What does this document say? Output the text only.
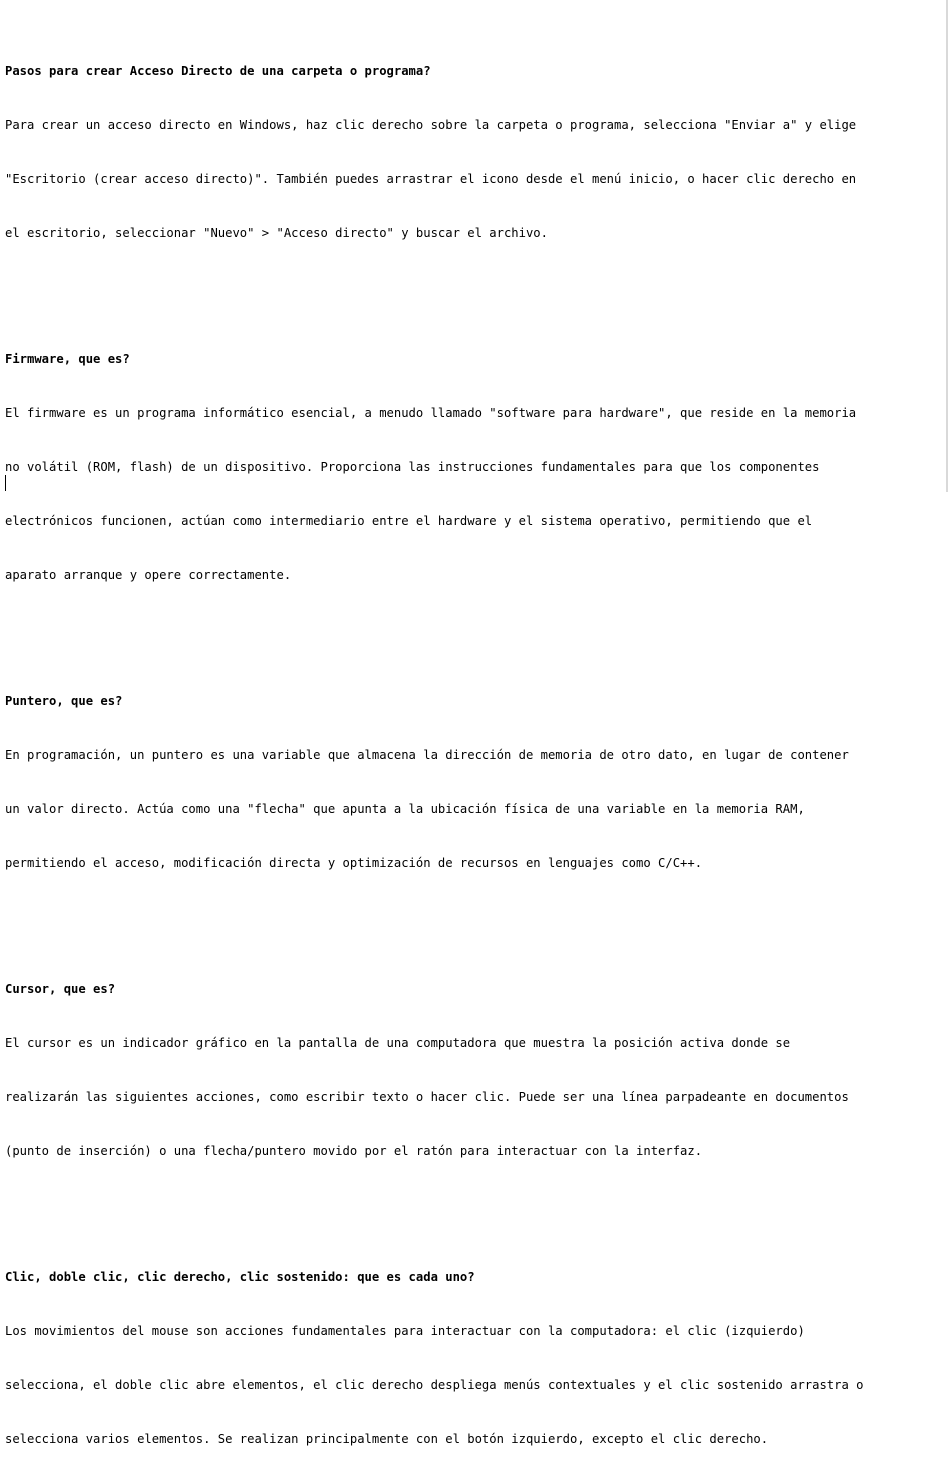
Pasos para crear Acceso Directo de una carpeta o programa?

Para crear un acceso directo en Windows, haz clic derecho sobre la carpeta o programa, selecciona "Enviar a" y elige

"Escritorio (crear acceso directo)". También puedes arrastrar el icono desde el menú inicio, o hacer clic derecho en

el escritorio, seleccionar "Nuevo" > "Acceso directo" y buscar el archivo.

Firmware, que es?

El firmware es un programa informático esencial, a menudo llamado "software para hardware", que reside en la memoria

no volátil (ROM, flash) de un dispositivo. Proporciona las instrucciones fundamentales para que los componentes

electrónicos funcionen, actúan como intermediario entre el hardware y el sistema operativo, permitiendo que el

aparato arranque y opere correctamente.

Puntero, que es?

En programación, un puntero es una variable que almacena la dirección de memoria de otro dato, en lugar de contener

un valor directo. Actúa como una "flecha" que apunta a la ubicación física de una variable en la memoria RAM,

permitiendo el acceso, modificación directa y optimización de recursos en lenguajes como C/C++.

Cursor, que es?

El cursor es un indicador gráfico en la pantalla de una computadora que muestra la posición activa donde se

realizarán las siguientes acciones, como escribir texto o hacer clic. Puede ser una línea parpadeante en documentos

(punto de inserción) o una flecha/puntero movido por el ratón para interactuar con la interfaz.

Clic, doble clic, clic derecho, clic sostenido: que es cada uno?

Los movimientos del mouse son acciones fundamentales para interactuar con la computadora: el clic (izquierdo)

selecciona, el doble clic abre elementos, el clic derecho despliega menús contextuales y el clic sostenido arrastra o

selecciona varios elementos. Se realizan principalmente con el botón izquierdo, excepto el clic derecho.
